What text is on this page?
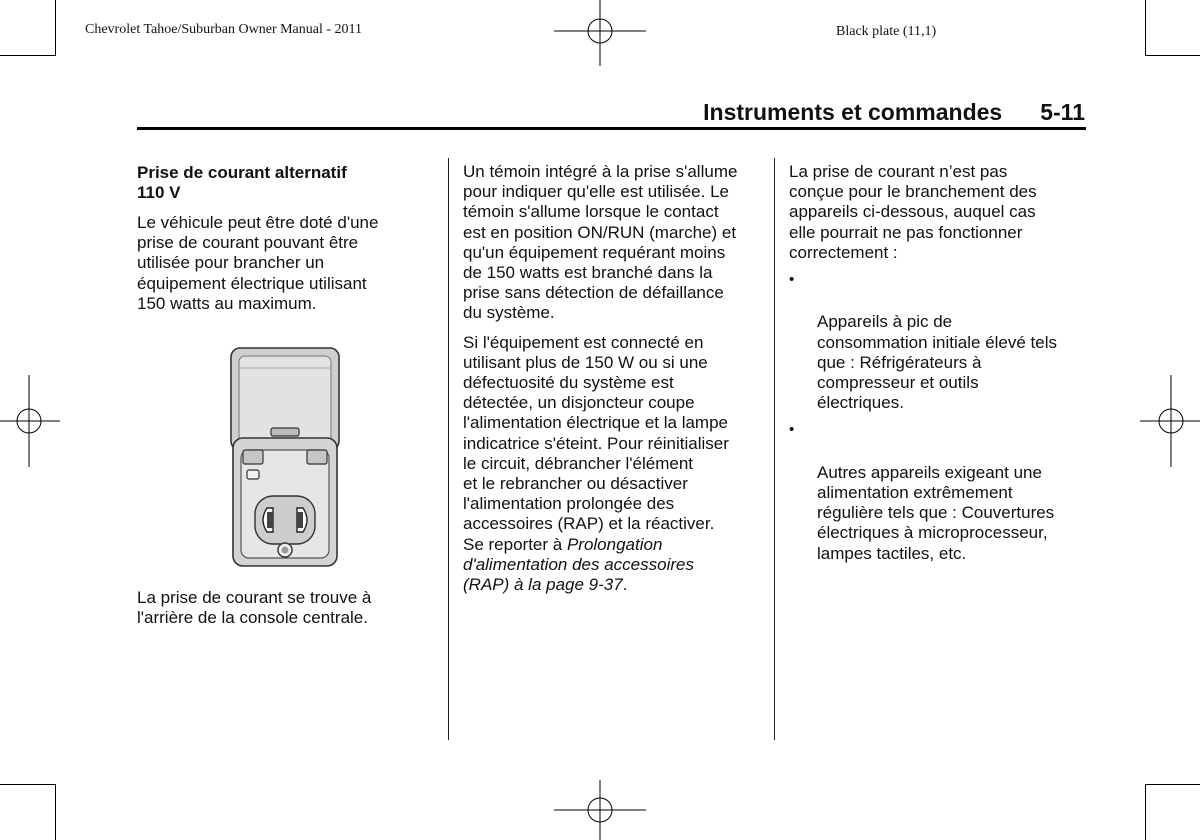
Chevrolet Tahoe/Suburban Owner Manual - 2011	Black plate (11,1)
Instruments et commandes 5-11
Prise de courant alternatif
110 V

Le véhicule peut être doté d'une
prise de courant pouvant être
utilisée pour brancher un
équipement électrique utilisant
150 watts au maximum.

La prise de courant se trouve à
l'arrière de la console centrale.

Un témoin intégré à la prise s'allume
pour indiquer qu'elle est utilisée. Le
témoin s'allume lorsque le contact
est en position ON/RUN (marche) et
qu'un équipement requérant moins
de 150 watts est branché dans la
prise sans détection de défaillance
du système.

Si l'équipement est connecté en
utilisant plus de 150 W ou si une
défectuosité du système est
détectée, un disjoncteur coupe
l'alimentation électrique et la lampe
indicatrice s'éteint. Pour réinitialiser
le circuit, débrancher l'élément
et le rebrancher ou désactiver
l'alimentation prolongée des
accessoires (RAP) et la réactiver.
Se reporter à Prolongation
d'alimentation des accessoires
(RAP) à la page 9-37.

La prise de courant n’est pas
conçue pour le branchement des
appareils ci-dessous, auquel cas
elle pourrait ne pas fonctionner
correctement :

•

Appareils à pic de
consommation initiale élevé tels
que : Réfrigérateurs à
compresseur et outils
électriques.

•

Autres appareils exigeant une
alimentation extrêmement
régulière tels que : Couvertures
électriques à microprocesseur,
lampes tactiles, etc.
